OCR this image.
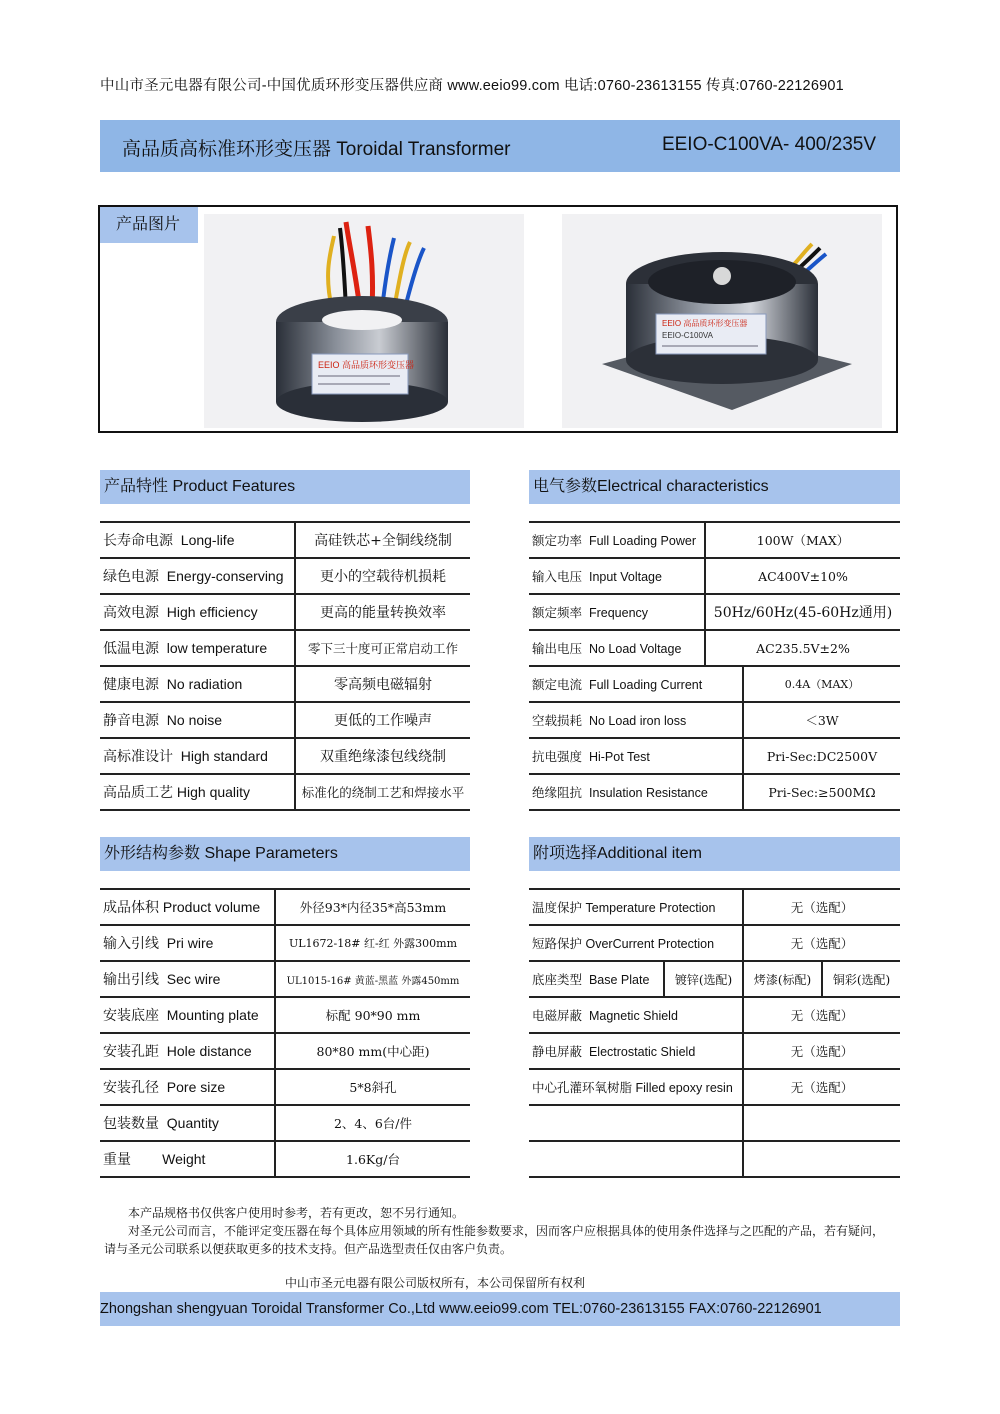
中山市圣元电器有限公司-中国优质环形变压器供应商 www.eeio99.com 电话:0760-23613155 传真:0760-22126901
高品质高标准环形变压器 Toroidal Transformer	EEIO-C100VA- 400/235V
产品图片
EEIO 高品质环形变压器
EEIO 高品质环形变压器
EEIO-C100VA
产品特性 Product Features
长寿命电源 Long-life	高硅铁芯+全铜线绕制
绿色电源 Energy-conserving	更小的空载待机损耗
高效电源 High efficiency	更高的能量转换效率
低温电源 low temperature	零下三十度可正常启动工作
健康电源 No radiation	零高频电磁辐射
静音电源 No noise	更低的工作噪声
高标准设计 High standard	双重绝缘漆包线绕制
高品质工艺 High quality	标准化的绕制工艺和焊接水平
电气参数Electrical characteristics
额定功率 Full Loading Power	100W（MAX）	
输入电压 Input Voltage	AC400V±10%	
额定频率 Frequency	50Hz/60Hz(45-60Hz通用)	
输出电压 No Load Voltage	AC235.5V±2%	
额定电流 Full Loading Current		0.4A（MAX）
空载损耗 No Load iron loss		＜3W
抗电强度 Hi-Pot Test		Pri-Sec:DC2500V
绝缘阻抗 Insulation Resistance		Pri-Sec:≥500MΩ
外形结构参数 Shape Parameters
成品体积 Product volume	外径93*内径35*高53mm
输入引线 Pri wire	UL1672-18# 红-红 外露300mm
输出引线 Sec wire	UL1015-16# 黄蓝-黑蓝 外露450mm
安装底座 Mounting plate	标配 90*90 mm
安装孔距 Hole distance	80*80 mm(中心距)
安装孔径 Pore size	5*8斜孔
包装数量 Quantity	2、4、6台/件
重量 Weight	1.6Kg/台
附项选择Additional item
温度保护 Temperature Protection		无（选配）	
短路保护 OverCurrent Protection		无（选配）	
底座类型 Base Plate	镀锌(选配)	烤漆(标配)	铜彩(选配)
电磁屏蔽 Magnetic Shield		无（选配）	
静电屏蔽 Electrostatic Shield		无（选配）	
中心孔灌环氧树脂 Filled epoxy resin		无（选配）	

本产品规格书仅供客户使用时参考，若有更改，恕不另行通知。

对圣元公司而言，不能评定变压器在每个具体应用领域的所有性能参数要求，因而客户应根据具体的使用条件选择与之匹配的产品，若有疑问，请与圣元公司联系以便获取更多的技术支持。但产品选型责任仅由客户负责。

中山市圣元电器有限公司版权所有，本公司保留所有权利
Zhongshan shengyuan Toroidal Transformer Co.,Ltd www.eeio99.com TEL:0760-23613155 FAX:0760-22126901
